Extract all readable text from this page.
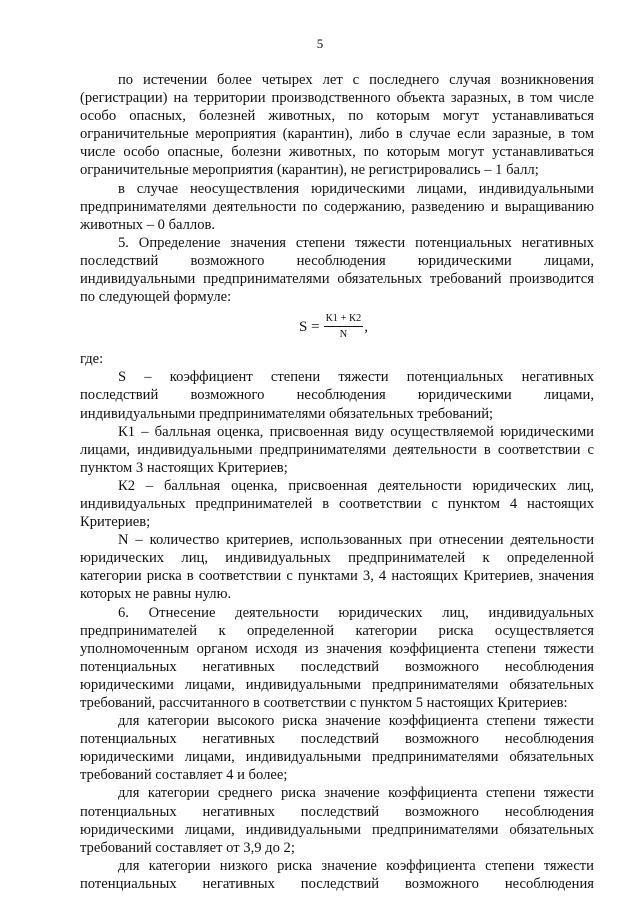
5

по истечении более четырех лет с последнего случая возникновения

(регистрации) на территории производственного объекта заразных, в том числе

особо опасных, болезней животных, по которым могут устанавливаться

ограничительные мероприятия (карантин), либо в случае если заразные, в том

числе особо опасные, болезни животных, по которым могут устанавливаться

ограничительные мероприятия (карантин), не регистрировались – 1 балл;

в случае неосуществления юридическими лицами, индивидуальными

предпринимателями деятельности по содержанию, разведению и выращиванию

животных – 0 баллов.

5. Определение значения степени тяжести потенциальных негативных

последствий возможного несоблюдения юридическими лицами,

индивидуальными предпринимателями обязательных требований производится

по следующей формуле:

$S = \frac{К1 + К2}{N}$ ,

где:

S – коэффициент степени тяжести потенциальных негативных

последствий возможного несоблюдения юридическими лицами,

индивидуальными предпринимателями обязательных требований;

К1 – балльная оценка, присвоенная виду осуществляемой юридическими

лицами, индивидуальными предпринимателями деятельности в соответствии с

пунктом 3 настоящих Критериев;

К2 – балльная оценка, присвоенная деятельности юридических лиц,

индивидуальных предпринимателей в соответствии с пунктом 4 настоящих

Критериев;

N – количество критериев, использованных при отнесении деятельности

юридических лиц, индивидуальных предпринимателей к определенной

категории риска в соответствии с пунктами 3, 4 настоящих Критериев, значения

которых не равны нулю.

6. Отнесение деятельности юридических лиц, индивидуальных

предпринимателей к определенной категории риска осуществляется

уполномоченным органом исходя из значения коэффициента степени тяжести

потенциальных негативных последствий возможного несоблюдения

юридическими лицами, индивидуальными предпринимателями обязательных

требований, рассчитанного в соответствии с пунктом 5 настоящих Критериев:

для категории высокого риска значение коэффициента степени тяжести

потенциальных негативных последствий возможного несоблюдения

юридическими лицами, индивидуальными предпринимателями обязательных

требований составляет 4 и более;

для категории среднего риска значение коэффициента степени тяжести

потенциальных негативных последствий возможного несоблюдения

юридическими лицами, индивидуальными предпринимателями обязательных

требований составляет от 3,9 до 2;

для категории низкого риска значение коэффициента степени тяжести

потенциальных негативных последствий возможного несоблюдения
